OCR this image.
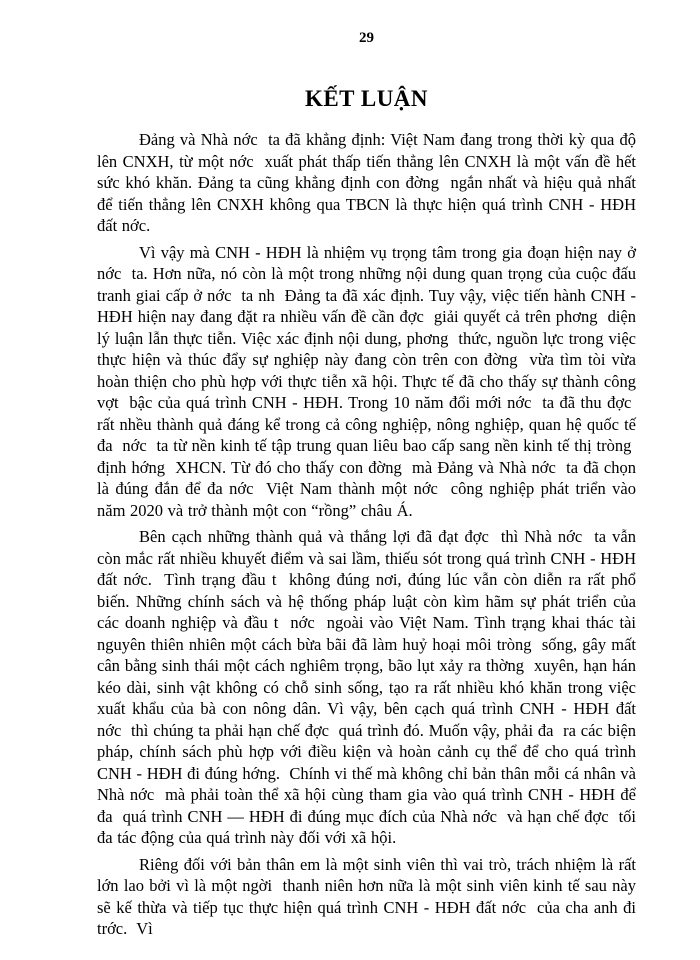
29
KẾT LUẬN

Đảng và Nhà nớc  ta đã khẳng định: Việt Nam đang trong thời kỳ qua độ lên CNXH, từ một nớc  xuất phát thấp tiến thẳng lên CNXH là một vấn đề hết sức khó khăn. Đảng ta cũng khẳng định con đờng  ngắn nhất và hiệu quả nhất để tiến thẳng lên CNXH không qua TBCN là thực hiện quá trình CNH - HĐH đất nớc.

Vì vậy mà CNH - HĐH là nhiệm vụ trọng tâm trong gia đoạn hiện nay ở nớc  ta. Hơn nữa, nó còn là một trong những nội dung quan trọng của cuộc đấu tranh giai cấp ở nớc  ta nh  Đảng ta đã xác định. Tuy vậy, việc tiến hành CNH - HĐH hiện nay đang đặt ra nhiều vấn đề cần đợc  giải quyết cả trên phơng  diện lý luận lẫn thực tiễn. Việc xác định nội dung, phơng  thức, nguồn lực trong việc thực hiện và thúc đẩy sự nghiệp này đang còn trên con đờng  vừa tìm tòi vừa hoàn thiện cho phù hợp với thực tiễn xã hội. Thực tế đã cho thấy sự thành công vợt  bậc của quá trình CNH - HĐH. Trong 10 năm đổi mới nớc  ta đã thu đợc  rất nhều thành quả đáng kể trong cả công nghiệp, nông nghiệp, quan hệ quốc tế đa  nớc  ta từ nền kinh tế tập trung quan liêu bao cấp sang nền kinh tế thị tròng  định hớng  XHCN. Từ đó cho thấy con đờng  mà Đảng và Nhà nớc  ta đã chọn là đúng đắn để đa nớc  Việt Nam thành một nớc  công nghiệp phát triển vào năm 2020 và trở thành một con “rồng” châu Á.

Bên cạch những thành quả và thắng lợi đã đạt đợc  thì Nhà nớc  ta vẫn còn mắc rất nhiều khuyết điểm và sai lầm, thiếu sót trong quá trình CNH - HĐH đất nớc.  Tình trạng đầu t  không đúng nơi, đúng lúc vẫn còn diễn ra rất phổ biến. Những chính sách và hệ thống pháp luật còn kìm hãm sự phát triển của các doanh nghiệp và đầu t  nớc  ngoài vào Việt Nam. Tình trạng khai thác tài nguyên thiên nhiên một cách bừa bãi đã làm huỷ hoại môi tròng  sống, gây mất cân bằng sinh thái một cách nghiêm trọng, bão lụt xảy ra thờng  xuyên, hạn hán kéo dài, sinh vật không có chỗ sinh sống, tạo ra rất nhiều khó khăn trong việc xuất khẩu của bà con nông dân. Vì vậy, bên cạch quá trình CNH - HĐH đất nớc  thì chúng ta phải hạn chế đợc  quá trình đó. Muốn vậy, phải đa  ra các biện pháp, chính sách phù hợp với điều kiện và hoàn cảnh cụ thể để cho quá trình CNH - HĐH đi đúng hớng.  Chính vi thế mà không chỉ bản thân mỗi cá nhân và Nhà nớc  mà phải toàn thể xã hội cùng tham gia vào quá trình CNH - HĐH để đa  quá trình CNH — HĐH đi đúng mục đích của Nhà nớc  và hạn chế đợc  tối đa tác động của quá trình này đối với xã hội.

Riêng đối với bản thân em là một sinh viên thì vai trò, trách nhiệm là rất lớn lao bởi vì là một ngời  thanh niên hơn nữa là một sinh viên kinh tế sau này sẽ kế thừa và tiếp tục thực hiện quá trình CNH - HĐH đất nớc  của cha anh đi trớc.  Vì
